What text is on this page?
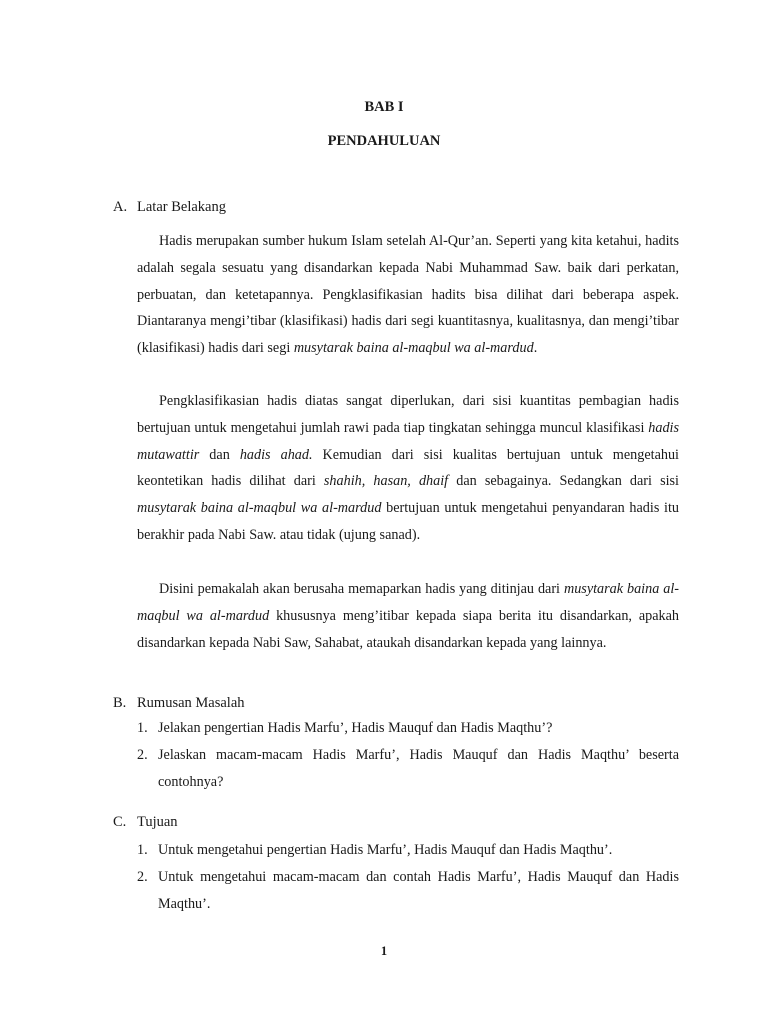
BAB I
PENDAHULUAN
A. Latar Belakang

Hadis merupakan sumber hukum Islam setelah Al-Qur’an. Seperti yang kita ketahui, hadits adalah segala sesuatu yang disandarkan kepada Nabi Muhammad Saw. baik dari perkatan, perbuatan, dan ketetapannya. Pengklasifikasian hadits bisa dilihat dari beberapa aspek. Diantaranya mengi’tibar (klasifikasi) hadis dari segi kuantitasnya, kualitasnya, dan mengi’tibar (klasifikasi) hadis dari segi musytarak baina al-maqbul wa al-mardud.

Pengklasifikasian hadis diatas sangat diperlukan, dari sisi kuantitas pembagian hadis bertujuan untuk mengetahui jumlah rawi pada tiap tingkatan sehingga muncul klasifikasi hadis mutawattir dan hadis ahad. Kemudian dari sisi kualitas bertujuan untuk mengetahui keontetikan hadis dilihat dari shahih, hasan, dhaif dan sebagainya. Sedangkan dari sisi musytarak baina al-maqbul wa al-mardud bertujuan untuk mengetahui penyandaran hadis itu berakhir pada Nabi Saw. atau tidak (ujung sanad).

Disini pemakalah akan berusaha memaparkan hadis yang ditinjau dari musytarak baina al-maqbul wa al-mardud khususnya meng’itibar kepada siapa berita itu disandarkan, apakah disandarkan kepada Nabi Saw, Sahabat, ataukah disandarkan kepada yang lainnya.

B. Rumusan Masalah
1. Jelakan pengertian Hadis Marfu’, Hadis Mauquf dan Hadis Maqthu’?
2. Jelaskan macam-macam Hadis Marfu’, Hadis Mauquf dan Hadis Maqthu’ beserta contohnya?
C. Tujuan
1. Untuk mengetahui pengertian Hadis Marfu’, Hadis Mauquf dan Hadis Maqthu’.
2. Untuk mengetahui macam-macam dan contah Hadis Marfu’, Hadis Mauquf dan Hadis Maqthu’.
1
